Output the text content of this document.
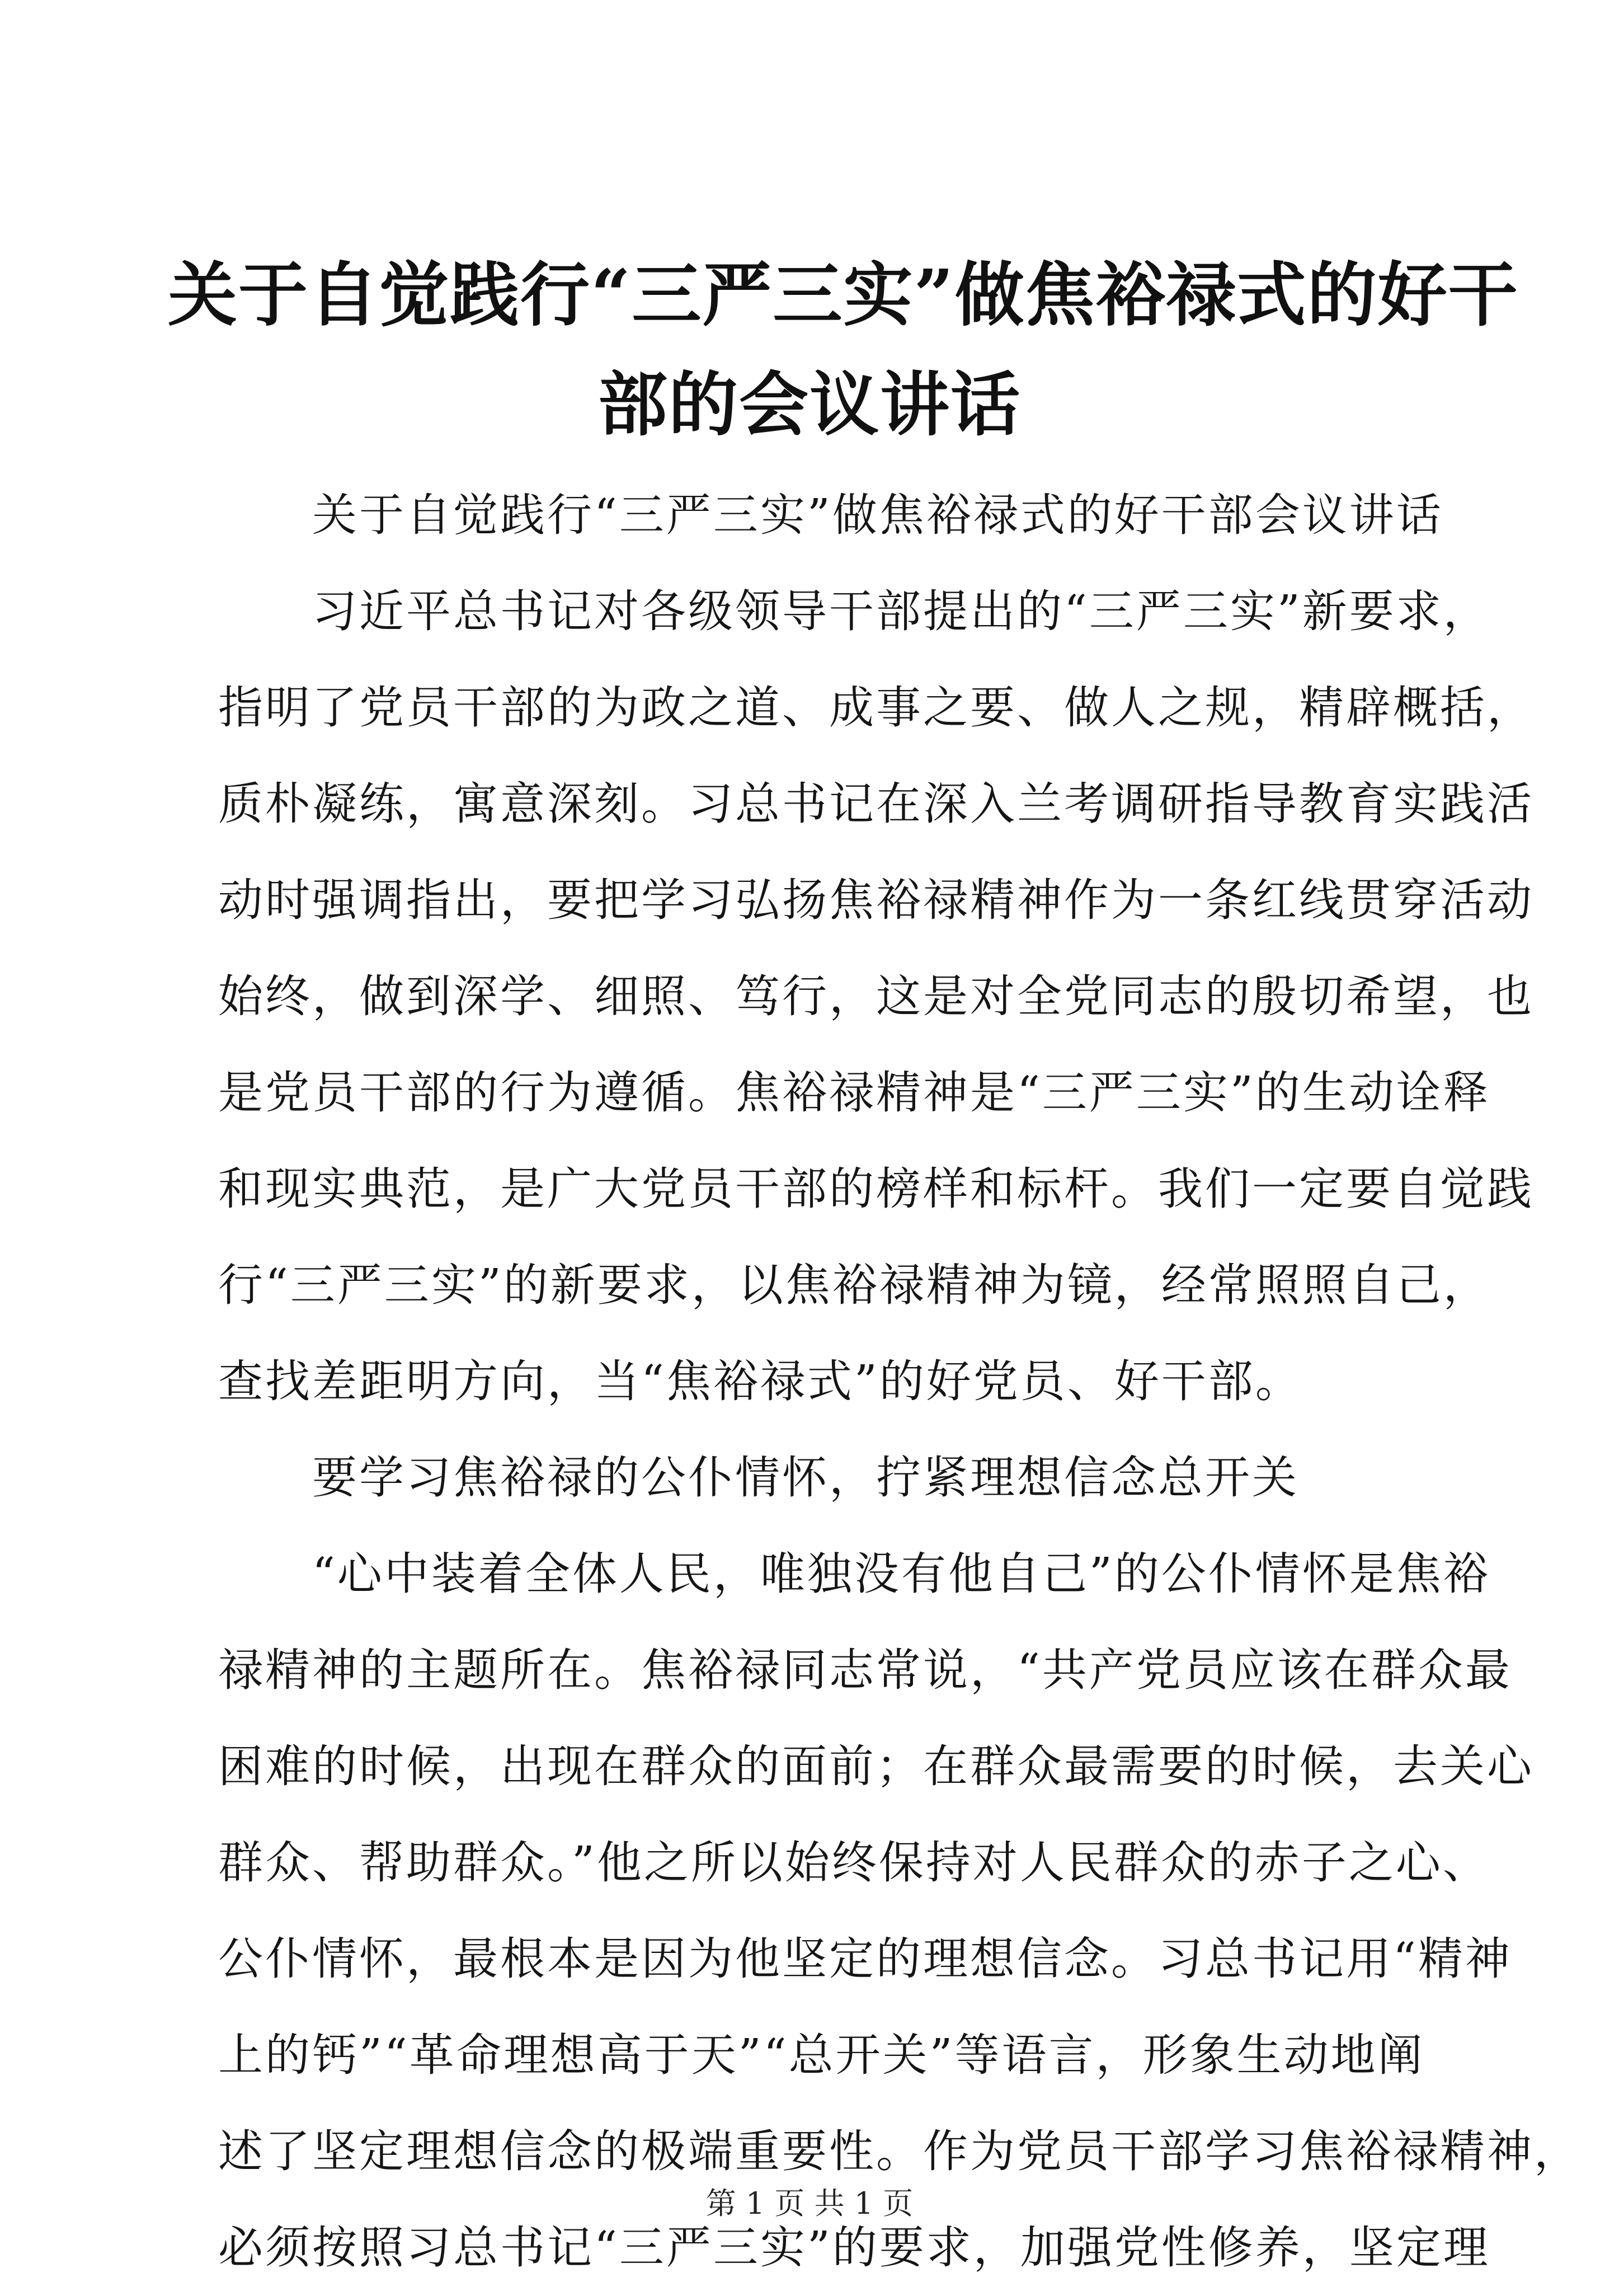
关于自觉践行“三严三实”做焦裕禄式的好干
部的会议讲话
　　关于自觉践行“三严三实”做焦裕禄式的好干部会议讲话
　　习近平总书记对各级领导干部提出的“三严三实”新要求，
指明了党员干部的为政之道、成事之要、做人之规，精辟概括，
质朴凝练，寓意深刻。习总书记在深入兰考调研指导教育实践活
动时强调指出，要把学习弘扬焦裕禄精神作为一条红线贯穿活动
始终，做到深学、细照、笃行，这是对全党同志的殷切希望，也
是党员干部的行为遵循。焦裕禄精神是“三严三实”的生动诠释
和现实典范，是广大党员干部的榜样和标杆。我们一定要自觉践
行“三严三实”的新要求，以焦裕禄精神为镜，经常照照自己，
查找差距明方向，当“焦裕禄式”的好党员、好干部。
　　要学习焦裕禄的公仆情怀，拧紧理想信念总开关
　　“心中装着全体人民，唯独没有他自己”的公仆情怀是焦裕
禄精神的主题所在。焦裕禄同志常说，“共产党员应该在群众最
困难的时候，出现在群众的面前；在群众最需要的时候，去关心
群众、帮助群众。”他之所以始终保持对人民群众的赤子之心、
公仆情怀，最根本是因为他坚定的理想信念。习总书记用“精神
上的钙”“革命理想高于天”“总开关”等语言，形象生动地阐
述了坚定理想信念的极端重要性。作为党员干部学习焦裕禄精神，
必须按照习总书记“三严三实”的要求，加强党性修养，坚定理
第 1 页 共 1 页
